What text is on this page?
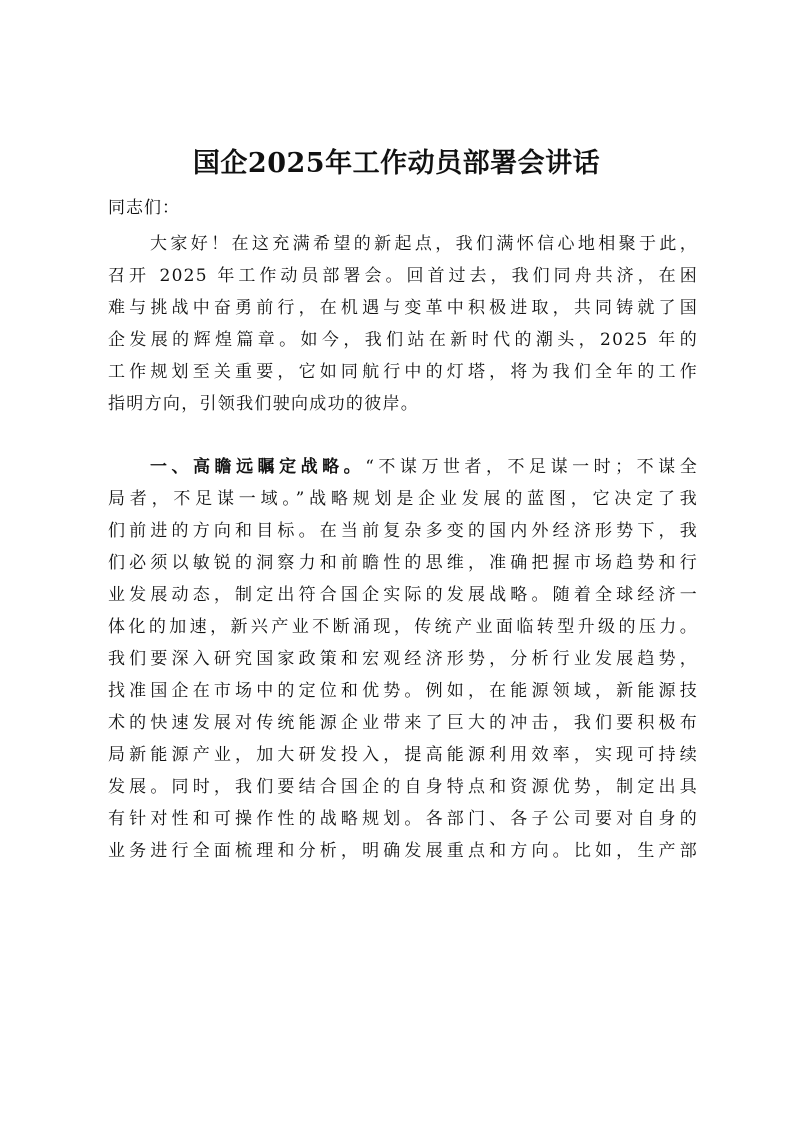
国企2025年工作动员部署会讲话
同志们：
大家好！在这充满希望的新起点，我们满怀信心地相聚于此，
召开 2025 年工作动员部署会。回首过去，我们同舟共济，在困
难与挑战中奋勇前行，在机遇与变革中积极进取，共同铸就了国
企发展的辉煌篇章。如今，我们站在新时代的潮头，2025 年的
工作规划至关重要，它如同航行中的灯塔，将为我们全年的工作
指明方向，引领我们驶向成功的彼岸。
一、高瞻远瞩定战略。“不谋万世者，不足谋一时；不谋全
局者，不足谋一域。”战略规划是企业发展的蓝图，它决定了我
们前进的方向和目标。在当前复杂多变的国内外经济形势下，我
们必须以敏锐的洞察力和前瞻性的思维，准确把握市场趋势和行
业发展动态，制定出符合国企实际的发展战略。随着全球经济一
体化的加速，新兴产业不断涌现，传统产业面临转型升级的压力。
我们要深入研究国家政策和宏观经济形势，分析行业发展趋势，
找准国企在市场中的定位和优势。例如，在能源领域，新能源技
术的快速发展对传统能源企业带来了巨大的冲击，我们要积极布
局新能源产业，加大研发投入，提高能源利用效率，实现可持续
发展。同时，我们要结合国企的自身特点和资源优势，制定出具
有针对性和可操作性的战略规划。各部门、各子公司要对自身的
业务进行全面梳理和分析，明确发展重点和方向。比如，生产部
